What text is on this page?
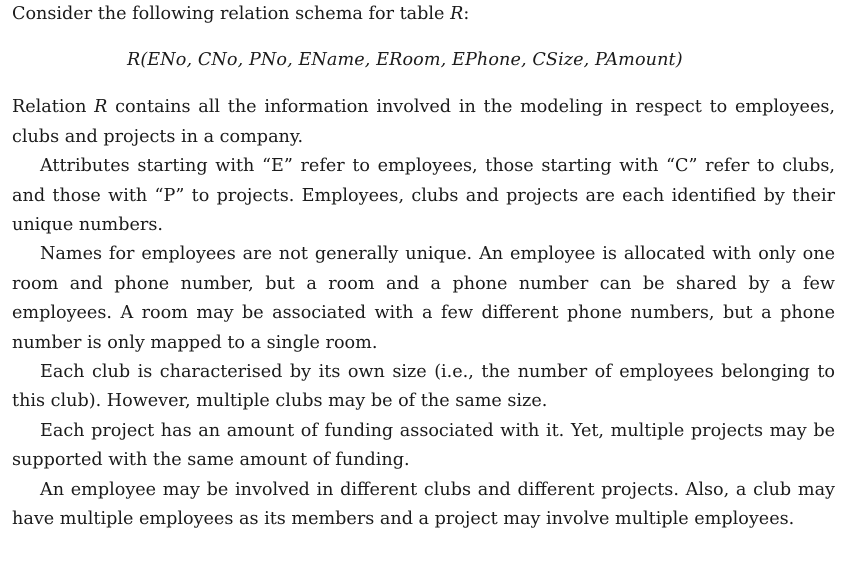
Consider the following relation schema for table R:

R(ENo, CNo, PNo, EName, ERoom, EPhone, CSize, PAmount)

Relation R contains all the information involved in the modeling in respect to employees, clubs and projects in a company.

Attributes starting with “E” refer to employees, those starting with “C” refer to clubs, and those with “P” to projects. Employees, clubs and projects are each identified by their unique numbers.

Names for employees are not generally unique. An employee is allocated with only one room and phone number, but a room and a phone number can be shared by a few employees. A room may be associated with a few different phone numbers, but a phone number is only mapped to a single room.

Each club is characterised by its own size (i.e., the number of employees belonging to this club). However, multiple clubs may be of the same size.

Each project has an amount of funding associated with it. Yet, multiple projects may be supported with the same amount of funding.

An employee may be involved in different clubs and different projects. Also, a club may have multiple employees as its members and a project may involve multiple employees.
